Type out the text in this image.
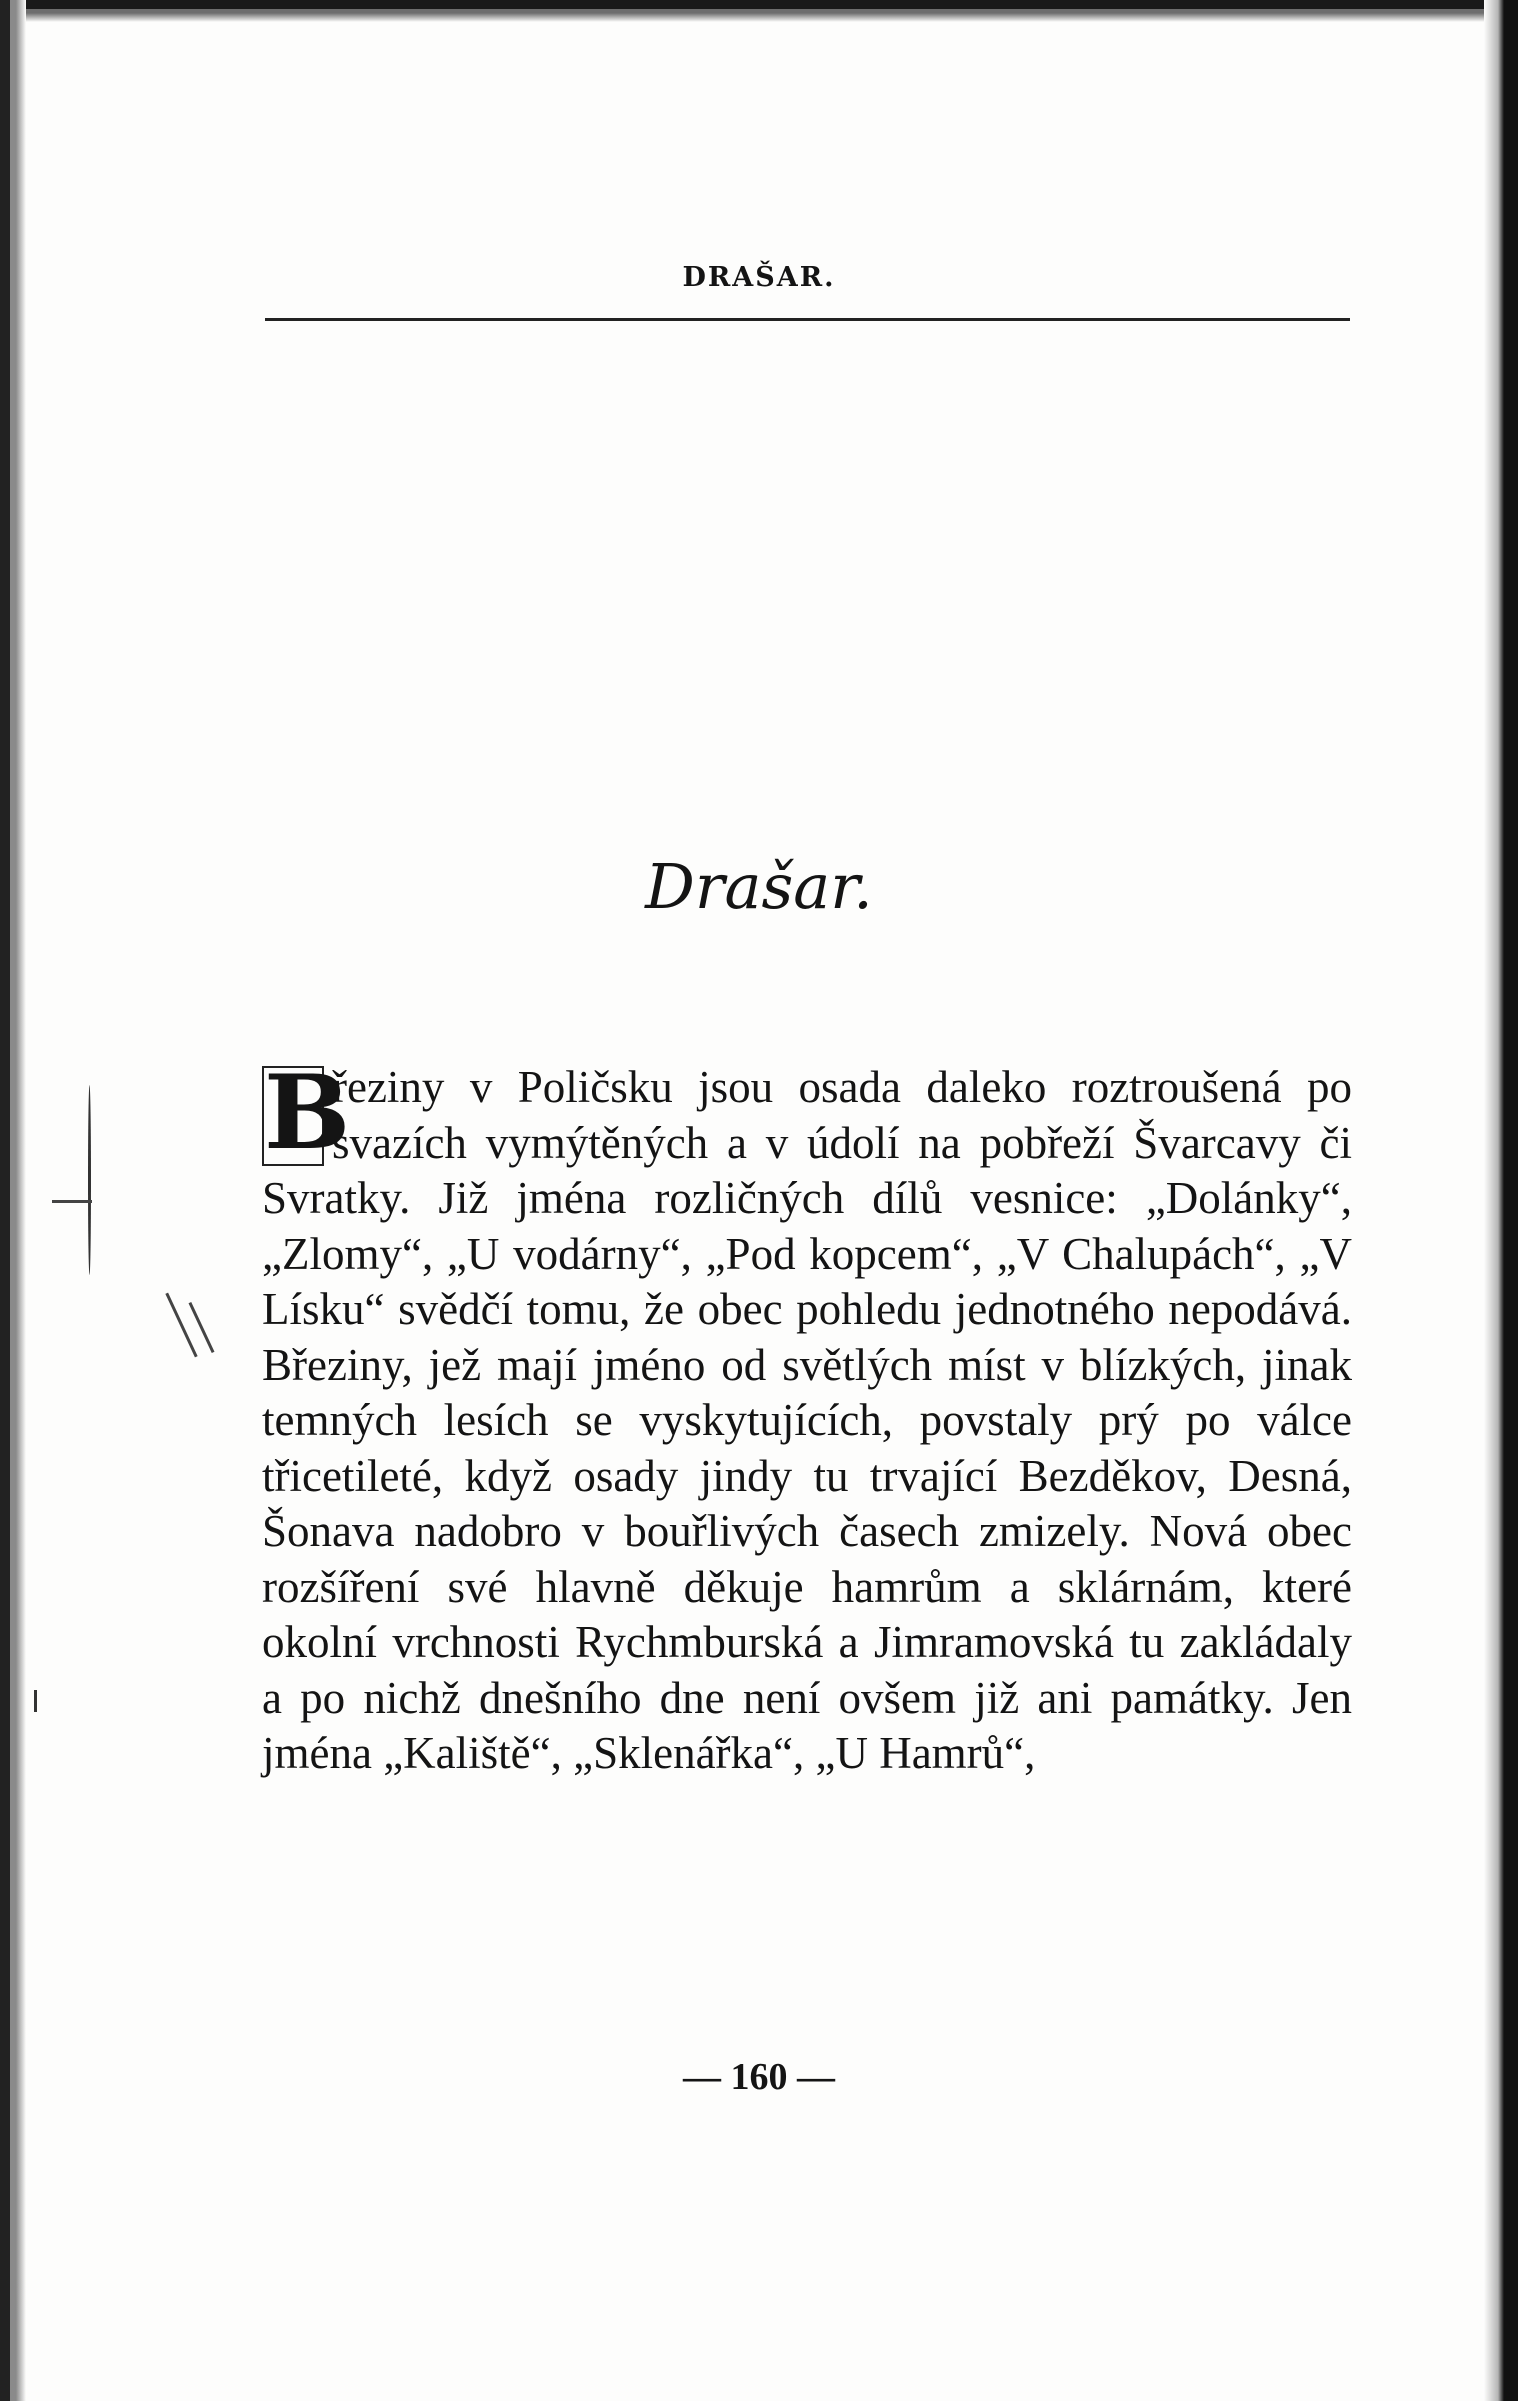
DRAŠAR.
Drašar.
B
řeziny v Poličsku jsou osada daleko roztroušená po svazích vymýtěných a v údolí na pobřeží Švarcavy či Svratky. Již jména rozličných dílů vesnice: „Dolánky“, „Zlomy“, „U vodárny“, „Pod kopcem“, „V Chalupách“, „V Lísku“ svědčí tomu, že obec pohledu jednotného nepodává. Březiny, jež mají jméno od světlých míst v blízkých, jinak temných lesích se vyskytujících, povstaly prý po válce třicetileté, když osady jindy tu trvající Bezděkov, Desná, Šonava nadobro v bouřlivých časech zmizely. Nová obec rozšíření své hlavně děkuje hamrům a sklárnám, které okolní vrchnosti Rychmburská a Jimramovská tu zakládaly a po nichž dnešního dne není ovšem již ani památky. Jen jména „Kaliště“, „Sklenářka“, „U Hamrů“,
— 160 —
